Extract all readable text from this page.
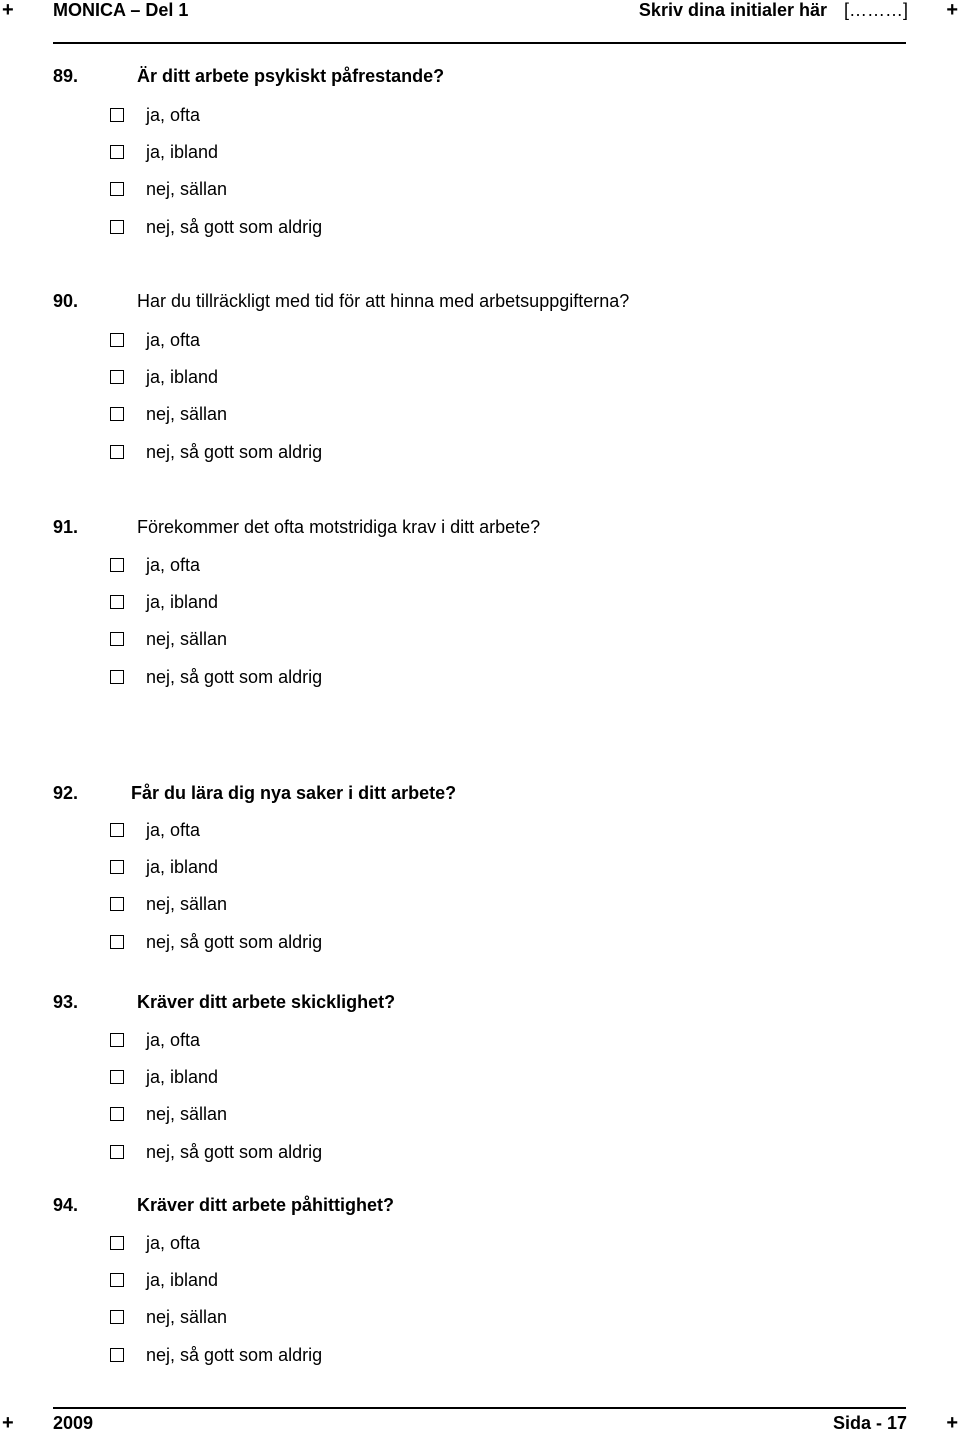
+ MONICA – Del 1	Skriv dina initialer här [………] +
89.	Är ditt arbete psykiskt påfrestande?
ja, ofta
ja, ibland
nej, sällan
nej, så gott som aldrig
90.	Har du tillräckligt med tid för att hinna med arbetsuppgifterna?
ja, ofta
ja, ibland
nej, sällan
nej, så gott som aldrig
91.	Förekommer det ofta motstridiga krav i ditt arbete?
ja, ofta
ja, ibland
nej, sällan
nej, så gott som aldrig
92.	Får du lära dig nya saker i ditt arbete?
ja, ofta
ja, ibland
nej, sällan
nej, så gott som aldrig
93.	Kräver ditt arbete skicklighet?
ja, ofta
ja, ibland
nej, sällan
nej, så gott som aldrig
94.	Kräver ditt arbete påhittighet?
ja, ofta
ja, ibland
nej, sällan
nej, så gott som aldrig
+ 2009	Sida - 17 +
